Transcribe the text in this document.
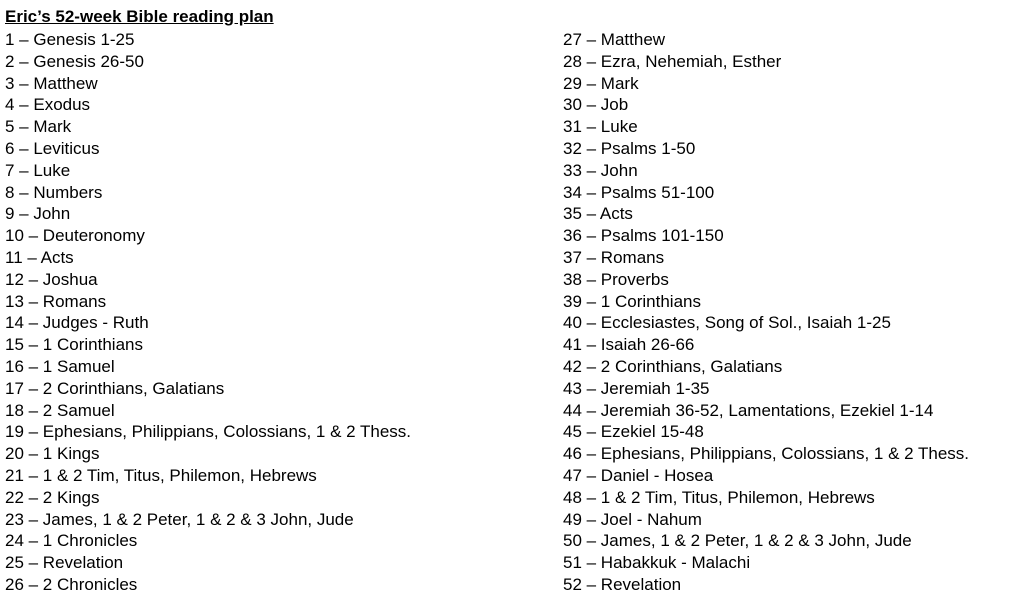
Eric’s 52-week Bible reading plan
1 – Genesis 1-25
2 – Genesis 26-50
3 – Matthew
4 – Exodus
5 – Mark
6 – Leviticus
7 – Luke
8 – Numbers
9 – John
10 – Deuteronomy
11 – Acts
12 – Joshua
13 – Romans
14 – Judges - Ruth
15 – 1 Corinthians
16 – 1 Samuel
17 – 2 Corinthians, Galatians
18 – 2 Samuel
19 – Ephesians, Philippians, Colossians, 1 & 2 Thess.
20 – 1 Kings
21 – 1 & 2 Tim, Titus, Philemon, Hebrews
22 – 2 Kings
23 – James, 1 & 2 Peter, 1 & 2 & 3 John, Jude
24 – 1 Chronicles
25 – Revelation
26 – 2 Chronicles
27 – Matthew
28 – Ezra, Nehemiah, Esther
29 – Mark
30 – Job
31 – Luke
32 – Psalms 1-50
33 – John
34 – Psalms 51-100
35 – Acts
36 – Psalms 101-150
37 – Romans
38 – Proverbs
39 – 1 Corinthians
40 – Ecclesiastes, Song of Sol., Isaiah 1-25
41 – Isaiah 26-66
42 – 2 Corinthians, Galatians
43 – Jeremiah 1-35
44 – Jeremiah 36-52, Lamentations, Ezekiel 1-14
45 – Ezekiel 15-48
46 – Ephesians, Philippians, Colossians, 1 & 2 Thess.
47 – Daniel - Hosea
48 – 1 & 2 Tim, Titus, Philemon, Hebrews
49 – Joel - Nahum
50 – James, 1 & 2 Peter, 1 & 2 & 3 John, Jude
51 – Habakkuk - Malachi
52 – Revelation
